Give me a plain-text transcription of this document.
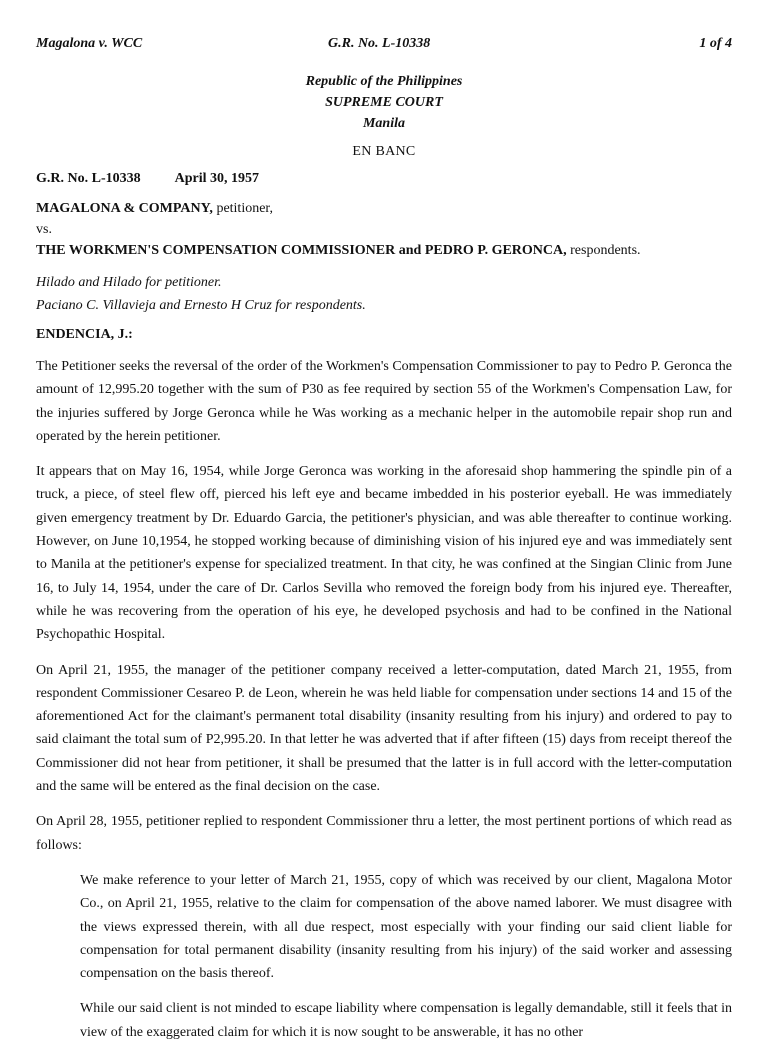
Magalona v. WCC	G.R. No. L-10338	1 of 4
Republic of the Philippines
SUPREME COURT
Manila
EN BANC
G.R. No. L-10338 April 30, 1957
MAGALONA & COMPANY, petitioner,
vs.
THE WORKMEN'S COMPENSATION COMMISSIONER and PEDRO P. GERONCA, respondents.
Hilado and Hilado for petitioner.
Paciano C. Villavieja and Ernesto H Cruz for respondents.
ENDENCIA, J.:

The Petitioner seeks the reversal of the order of the Workmen's Compensation Commissioner to pay to Pedro P. Geronca the amount of 12,995.20 together with the sum of P30 as fee required by section 55 of the Workmen's Compensation Law, for the injuries suffered by Jorge Geronca while he Was working as a mechanic helper in the automobile repair shop run and operated by the herein petitioner.

It appears that on May 16, 1954, while Jorge Geronca was working in the aforesaid shop hammering the spindle pin of a truck, a piece, of steel flew off, pierced his left eye and became imbedded in his posterior eyeball. He was immediately given emergency treatment by Dr. Eduardo Garcia, the petitioner's physician, and was able thereafter to continue working. However, on June 10,1954, he stopped working because of diminishing vision of his injured eye and was immediately sent to Manila at the petitioner's expense for specialized treatment. In that city, he was confined at the Singian Clinic from June 16, to July 14, 1954, under the care of Dr. Carlos Sevilla who removed the foreign body from his injured eye. Thereafter, while he was recovering from the operation of his eye, he developed psychosis and had to be confined in the National Psychopathic Hospital.

On April 21, 1955, the manager of the petitioner company received a letter-computation, dated March 21, 1955, from respondent Commissioner Cesareo P. de Leon, wherein he was held liable for compensation under sections 14 and 15 of the aforementioned Act for the claimant's permanent total disability (insanity resulting from his injury) and ordered to pay to said claimant the total sum of P2,995.20. In that letter he was adverted that if after fifteen (15) days from receipt thereof the Commissioner did not hear from petitioner, it shall be presumed that the latter is in full accord with the letter-computation and the same will be entered as the final decision on the case.

On April 28, 1955, petitioner replied to respondent Commissioner thru a letter, the most pertinent portions of which read as follows:

We make reference to your letter of March 21, 1955, copy of which was received by our client, Magalona Motor Co., on April 21, 1955, relative to the claim for compensation of the above named laborer. We must disagree with the views expressed therein, with all due respect, most especially with your finding our said client liable for compensation for total permanent disability (insanity resulting from his injury) of the said worker and assessing compensation on the basis thereof.

While our said client is not minded to escape liability where compensation is legally demandable, still it feels that in view of the exaggerated claim for which it is now sought to be answerable, it has no other
